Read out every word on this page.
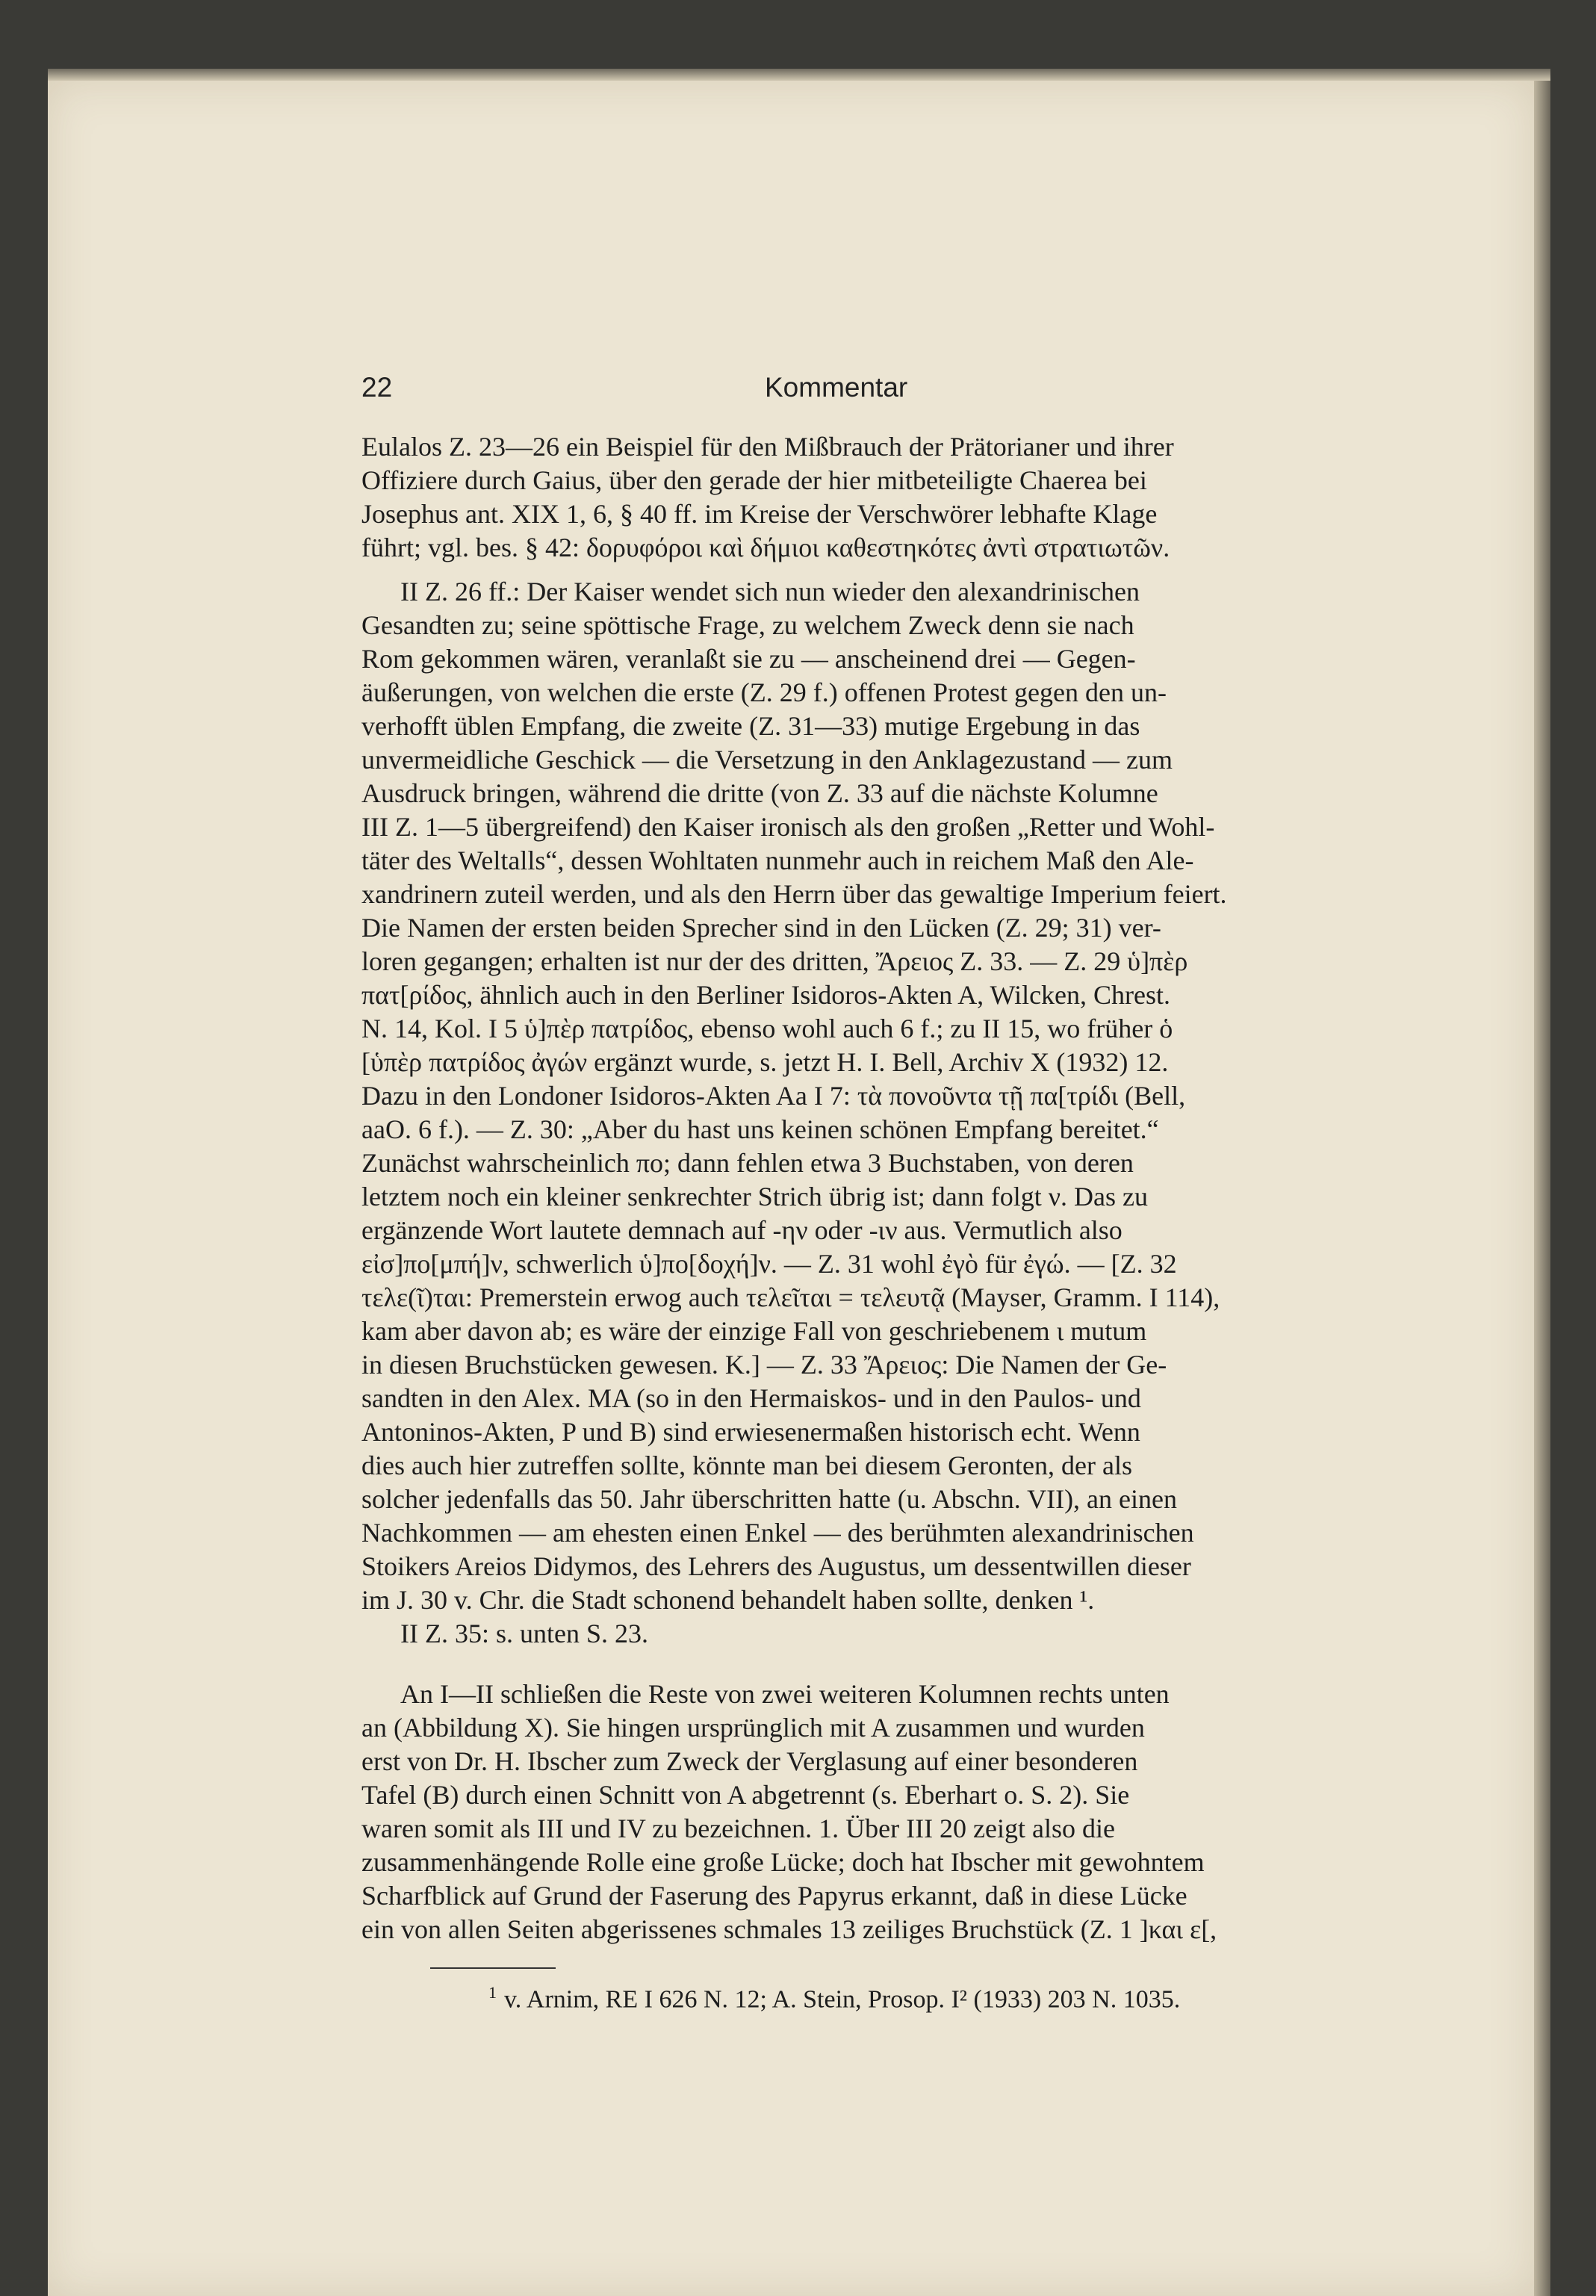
22	Kommentar
Eulalos Z. 23—26 ein Beispiel für den Mißbrauch der Prätorianer und ihrer
Offiziere durch Gaius, über den gerade der hier mitbeteiligte Chaerea bei
Josephus ant. XIX 1, 6, § 40 ff. im Kreise der Verschwörer lebhafte Klage
führt; vgl. bes. § 42: δορυφόροι καὶ δήμιοι καθεστηκότες ἀντὶ στρατιωτῶν.
II Z. 26 ff.: Der Kaiser wendet sich nun wieder den alexandrinischen
Gesandten zu; seine spöttische Frage, zu welchem Zweck denn sie nach
Rom gekommen wären, veranlaßt sie zu — anscheinend drei — Gegen-
äußerungen, von welchen die erste (Z. 29 f.) offenen Protest gegen den un-
verhofft üblen Empfang, die zweite (Z. 31—33) mutige Ergebung in das
unvermeidliche Geschick — die Versetzung in den Anklagezustand — zum
Ausdruck bringen, während die dritte (von Z. 33 auf die nächste Kolumne
III Z. 1—5 übergreifend) den Kaiser ironisch als den großen „Retter und Wohl-
täter des Weltalls“, dessen Wohltaten nunmehr auch in reichem Maß den Ale-
xandrinern zuteil werden, und als den Herrn über das gewaltige Imperium feiert.
Die Namen der ersten beiden Sprecher sind in den Lücken (Z. 29; 31) ver-
loren gegangen; erhalten ist nur der des dritten, Ἄρειος Z. 33. — Z. 29 ὑ]πὲρ
πατ[ρίδος, ähnlich auch in den Berliner Isidoros-Akten A, Wilcken, Chrest.
N. 14, Kol. I 5 ὑ]πὲρ πατρίδος, ebenso wohl auch 6 f.; zu II 15, wo früher ὁ
[ὑπὲρ πατρίδος ἀγών ergänzt wurde, s. jetzt H. I. Bell, Archiv X (1932) 12.
Dazu in den Londoner Isidoros-Akten Aa I 7: τὰ πονοῦντα τῇ πα[τρίδι (Bell,
aaO. 6 f.). — Z. 30: „Aber du hast uns keinen schönen Empfang bereitet.“
Zunächst wahrscheinlich πο; dann fehlen etwa 3 Buchstaben, von deren
letztem noch ein kleiner senkrechter Strich übrig ist; dann folgt ν. Das zu
ergänzende Wort lautete demnach auf -ην oder -ιν aus. Vermutlich also
εἰσ]πο[μπή]ν, schwerlich ὑ]πο[δοχή]ν. — Z. 31 wohl ἐγὸ für ἐγώ. — [Z. 32
τελε(ῖ)ται: Premerstein erwog auch τελεῖται = τελευτᾷ (Mayser, Gramm. I 114),
kam aber davon ab; es wäre der einzige Fall von geschriebenem ι mutum
in diesen Bruchstücken gewesen. K.] — Z. 33 Ἄρειος: Die Namen der Ge-
sandten in den Alex. MA (so in den Hermaiskos- und in den Paulos- und
Antoninos-Akten, P und B) sind erwiesenermaßen historisch echt. Wenn
dies auch hier zutreffen sollte, könnte man bei diesem Geronten, der als
solcher jedenfalls das 50. Jahr überschritten hatte (u. Abschn. VII), an einen
Nachkommen — am ehesten einen Enkel — des berühmten alexandrinischen
Stoikers Areios Didymos, des Lehrers des Augustus, um dessentwillen dieser
im J. 30 v. Chr. die Stadt schonend behandelt haben sollte, denken ¹.
II Z. 35: s. unten S. 23.
An I—II schließen die Reste von zwei weiteren Kolumnen rechts unten
an (Abbildung X). Sie hingen ursprünglich mit A zusammen und wurden
erst von Dr. H. Ibscher zum Zweck der Verglasung auf einer besonderen
Tafel (B) durch einen Schnitt von A abgetrennt (s. Eberhart o. S. 2). Sie
waren somit als III und IV zu bezeichnen. 1. Über III 20 zeigt also die
zusammenhängende Rolle eine große Lücke; doch hat Ibscher mit gewohntem
Scharfblick auf Grund der Faserung des Papyrus erkannt, daß in diese Lücke
ein von allen Seiten abgerissenes schmales 13 zeiliges Bruchstück (Z. 1 ]και ε[,
$^1$ v. Arnim, RE I 626 N. 12; A. Stein, Prosop. I² (1933) 203 N. 1035.
